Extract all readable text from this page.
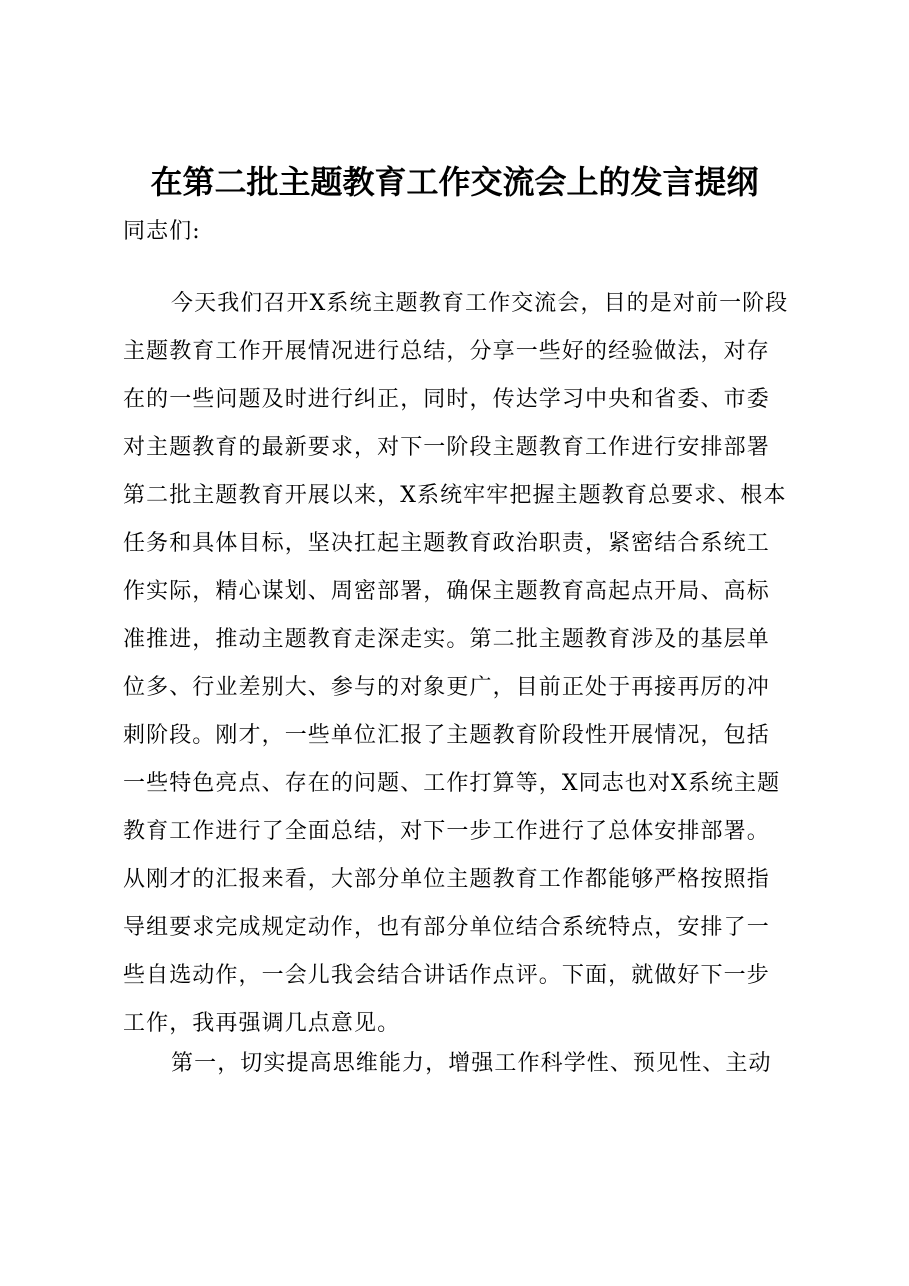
在第二批主题教育工作交流会上的发言提纲
同志们:
今天我们召开X系统主题教育工作交流会，目的是对前一阶段
主题教育工作开展情况进行总结，分享一些好的经验做法，对存
在的一些问题及时进行纠正，同时，传达学习中央和省委、市委
对主题教育的最新要求，对下一阶段主题教育工作进行安排部署
第二批主题教育开展以来，X系统牢牢把握主题教育总要求、根本
任务和具体目标，坚决扛起主题教育政治职责，紧密结合系统工
作实际，精心谋划、周密部署，确保主题教育高起点开局、高标
准推进，推动主题教育走深走实。第二批主题教育涉及的基层单
位多、行业差别大、参与的对象更广，目前正处于再接再厉的冲
刺阶段。刚才，一些单位汇报了主题教育阶段性开展情况，包括
一些特色亮点、存在的问题、工作打算等，X同志也对X系统主题
教育工作进行了全面总结，对下一步工作进行了总体安排部署。
从刚才的汇报来看，大部分单位主题教育工作都能够严格按照指
导组要求完成规定动作，也有部分单位结合系统特点，安排了一
些自选动作，一会儿我会结合讲话作点评。下面，就做好下一步
工作，我再强调几点意见。
第一，切实提高思维能力，增强工作科学性、预见性、主动
